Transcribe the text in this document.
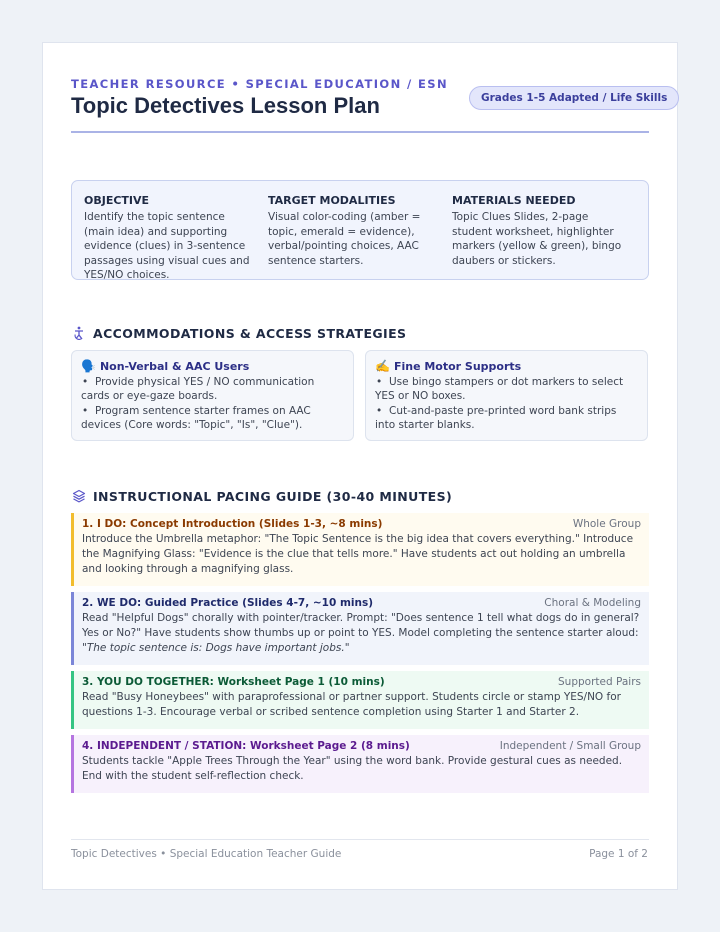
TEACHER RESOURCE • SPECIAL EDUCATION / ESN
Topic Detectives Lesson Plan	Grades 1-5 Adapted / Life Skills
OBJECTIVE
Identify the topic sentence (main idea) and supporting evidence (clues) in 3-sentence passages using visual cues and YES/NO choices.
TARGET MODALITIES
Visual color-coding (amber = topic, emerald = evidence), verbal/pointing choices, AAC sentence starters.
MATERIALS NEEDED
Topic Clues Slides, 2-page student worksheet, highlighter markers (yellow & green), bingo daubers or stickers.
ACCOMMODATIONS & ACCESS STRATEGIES
🗣️ Non-Verbal & AAC Users
• Provide physical YES / NO communication cards or eye-gaze boards.
• Program sentence starter frames on AAC devices (Core words: "Topic", "Is", "Clue").
✍️ Fine Motor Supports
• Use bingo stampers or dot markers to select YES or NO boxes.
• Cut-and-paste pre-printed word bank strips into starter blanks.
INSTRUCTIONAL PACING GUIDE (30-40 MINUTES)
1. I DO: Concept Introduction (Slides 1-3, ~8 mins)	Whole Group
Introduce the Umbrella metaphor: "The Topic Sentence is the big idea that covers everything." Introduce the Magnifying Glass: "Evidence is the clue that tells more." Have students act out holding an umbrella and looking through a magnifying glass.
2. WE DO: Guided Practice (Slides 4-7, ~10 mins)	Choral & Modeling
Read "Helpful Dogs" chorally with pointer/tracker. Prompt: "Does sentence 1 tell what dogs do in general? Yes or No?" Have students show thumbs up or point to YES. Model completing the sentence starter aloud: "The topic sentence is: Dogs have important jobs."
3. YOU DO TOGETHER: Worksheet Page 1 (10 mins)	Supported Pairs
Read "Busy Honeybees" with paraprofessional or partner support. Students circle or stamp YES/NO for questions 1-3. Encourage verbal or scribed sentence completion using Starter 1 and Starter 2.
4. INDEPENDENT / STATION: Worksheet Page 2 (8 mins)	Independent / Small Group
Students tackle "Apple Trees Through the Year" using the word bank. Provide gestural cues as needed. End with the student self-reflection check.
Topic Detectives • Special Education Teacher Guide	Page 1 of 2
